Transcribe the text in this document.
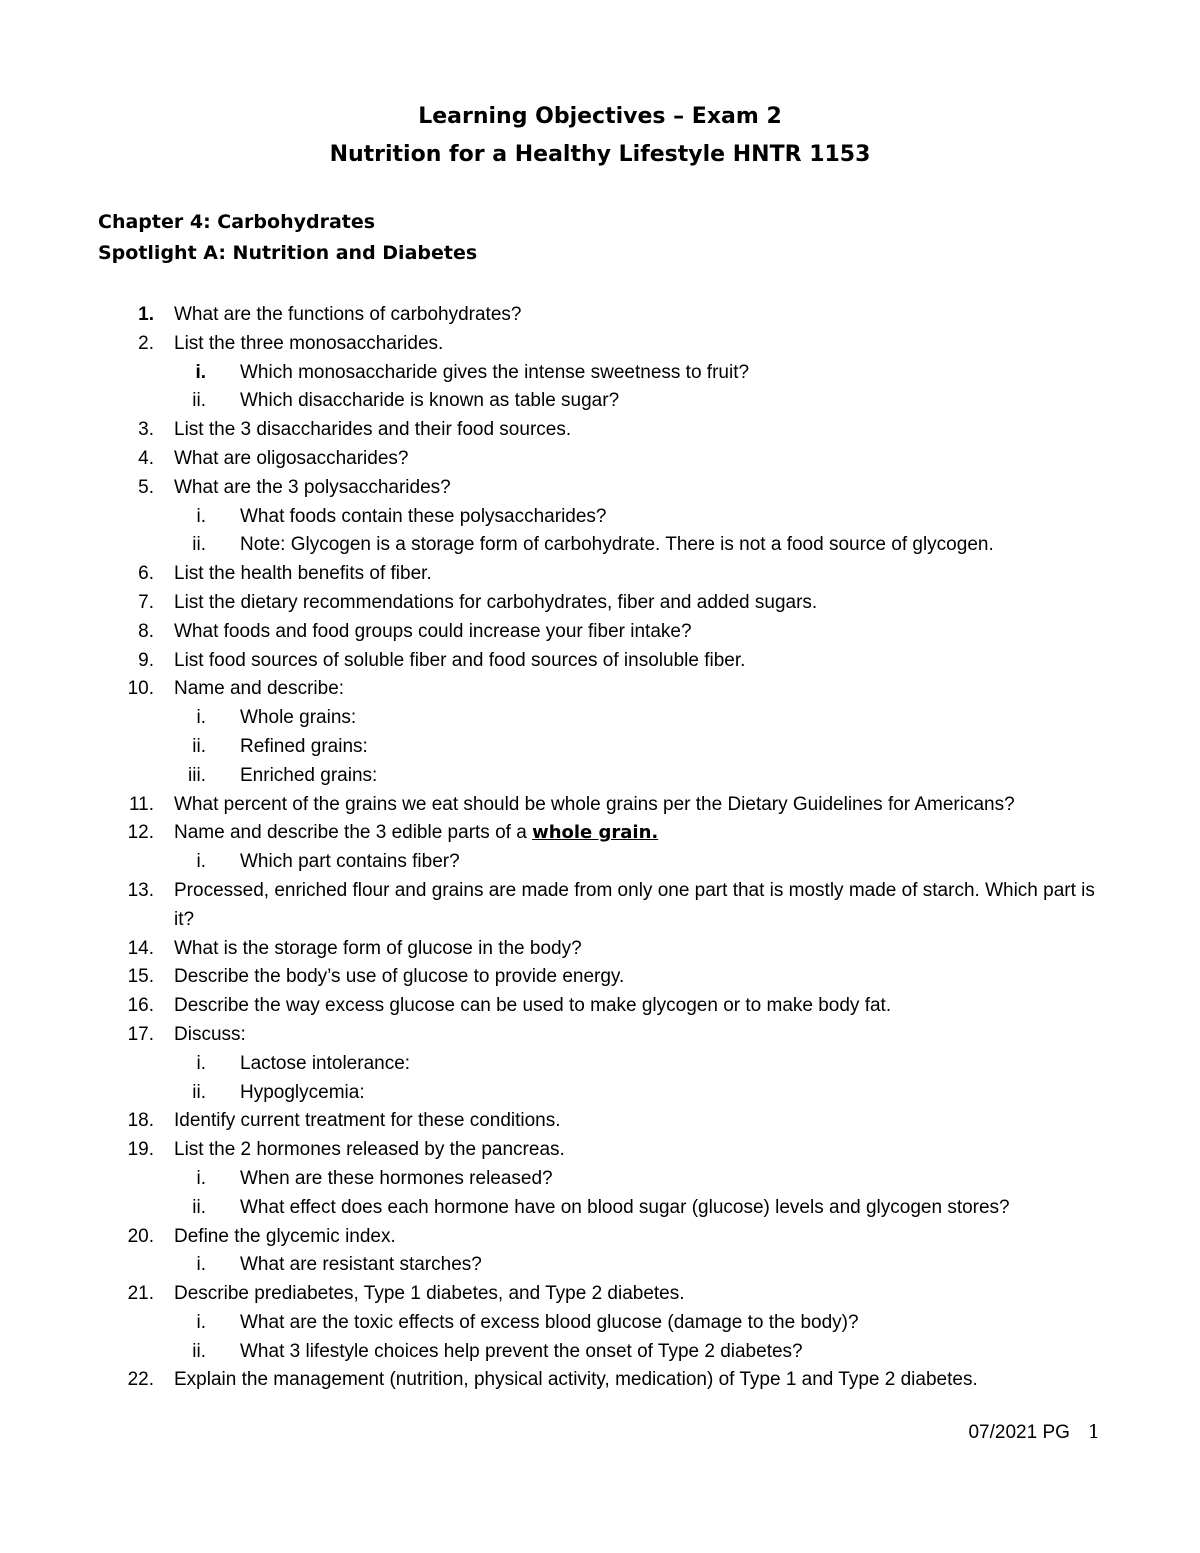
Learning Objectives – Exam 2
Nutrition for a Healthy Lifestyle HNTR 1153
Chapter 4: Carbohydrates
Spotlight A: Nutrition and Diabetes
1. What are the functions of carbohydrates?
2. List the three monosaccharides.
i. Which monosaccharide gives the intense sweetness to fruit?
ii. Which disaccharide is known as table sugar?
3. List the 3 disaccharides and their food sources.
4. What are oligosaccharides?
5. What are the 3 polysaccharides?
i. What foods contain these polysaccharides?
ii. Note: Glycogen is a storage form of carbohydrate. There is not a food source of glycogen.
6. List the health benefits of fiber.
7. List the dietary recommendations for carbohydrates, fiber and added sugars.
8. What foods and food groups could increase your fiber intake?
9. List food sources of soluble fiber and food sources of insoluble fiber.
10. Name and describe:
i. Whole grains:
ii. Refined grains:
iii. Enriched grains:
11. What percent of the grains we eat should be whole grains per the Dietary Guidelines for Americans?
12. Name and describe the 3 edible parts of a whole grain.
i. Which part contains fiber?
13. Processed, enriched flour and grains are made from only one part that is mostly made of starch. Which part is it?
14. What is the storage form of glucose in the body?
15. Describe the body’s use of glucose to provide energy.
16. Describe the way excess glucose can be used to make glycogen or to make body fat.
17. Discuss:
i. Lactose intolerance:
ii. Hypoglycemia:
18. Identify current treatment for these conditions.
19. List the 2 hormones released by the pancreas.
i. When are these hormones released?
ii. What effect does each hormone have on blood sugar (glucose) levels and glycogen stores?
20. Define the glycemic index.
i. What are resistant starches?
21. Describe prediabetes, Type 1 diabetes, and Type 2 diabetes.
i. What are the toxic effects of excess blood glucose (damage to the body)?
ii. What 3 lifestyle choices help prevent the onset of Type 2 diabetes?
22. Explain the management (nutrition, physical activity, medication) of Type 1 and Type 2 diabetes.
07/2021 PG 1
